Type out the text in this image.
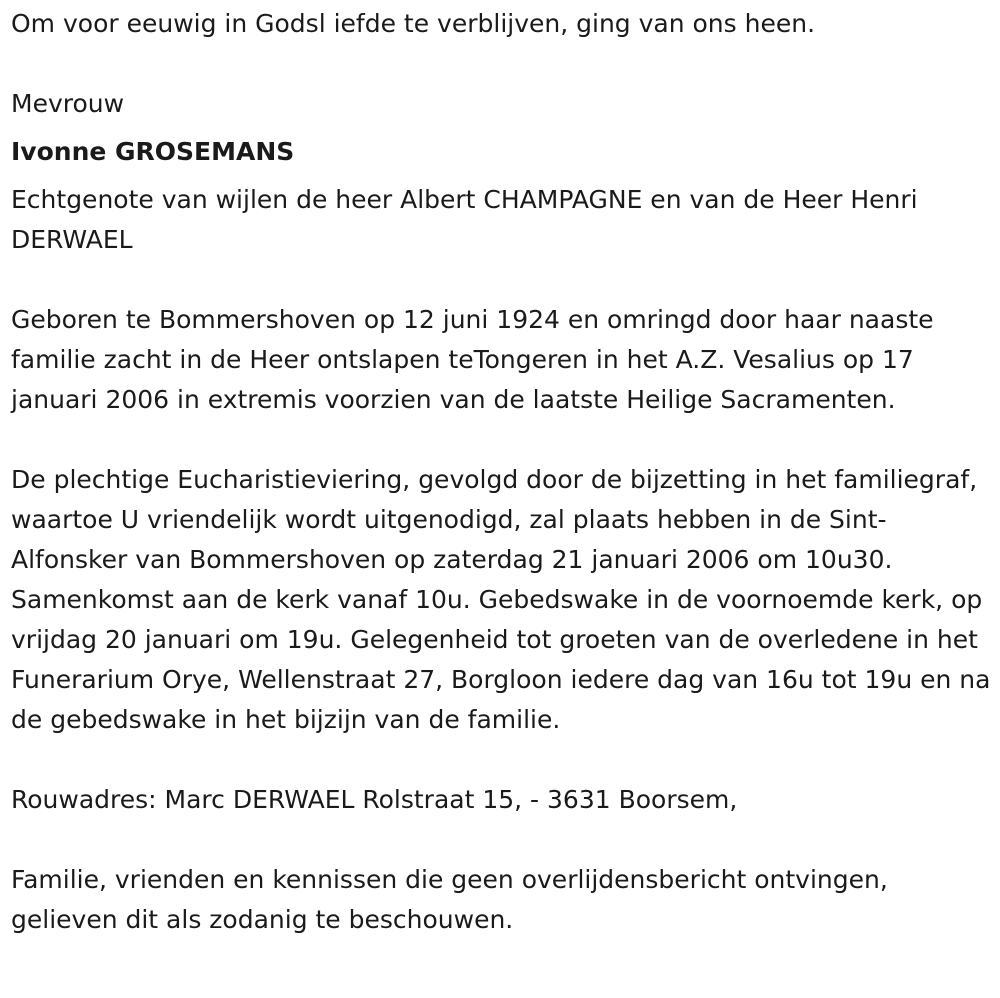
Om voor eeuwig in Godsl iefde te verblijven, ging van ons heen.

Mevrouw

Ivonne GROSEMANS

Echtgenote van wijlen de heer Albert CHAMPAGNE en van de Heer Henri DERWAEL

Geboren te Bommershoven op 12 juni 1924 en omringd door haar naaste familie zacht in de Heer ontslapen teTongeren in het A.Z. Vesalius op 17 januari 2006 in extremis voorzien van de laatste Heilige Sacramenten.

De plechtige Eucharistieviering, gevolgd door de bijzetting in het familiegraf, waartoe U vriendelijk wordt uitgenodigd, zal plaats hebben in de Sint-Alfonsker van Bommershoven op zaterdag 21 januari 2006 om 10u30. Samenkomst aan de kerk vanaf 10u. Gebedswake in de voornoemde kerk, op vrijdag 20 januari om 19u. Gelegenheid tot groeten van de overledene in het Funerarium Orye, Wellenstraat 27, Borgloon iedere dag van 16u tot 19u en na de gebedswake in het bijzijn van de familie.

Rouwadres: Marc DERWAEL Rolstraat 15, - 3631 Boorsem,

Familie, vrienden en kennissen die geen overlijdensbericht ontvingen, gelieven dit als zodanig te beschouwen.
